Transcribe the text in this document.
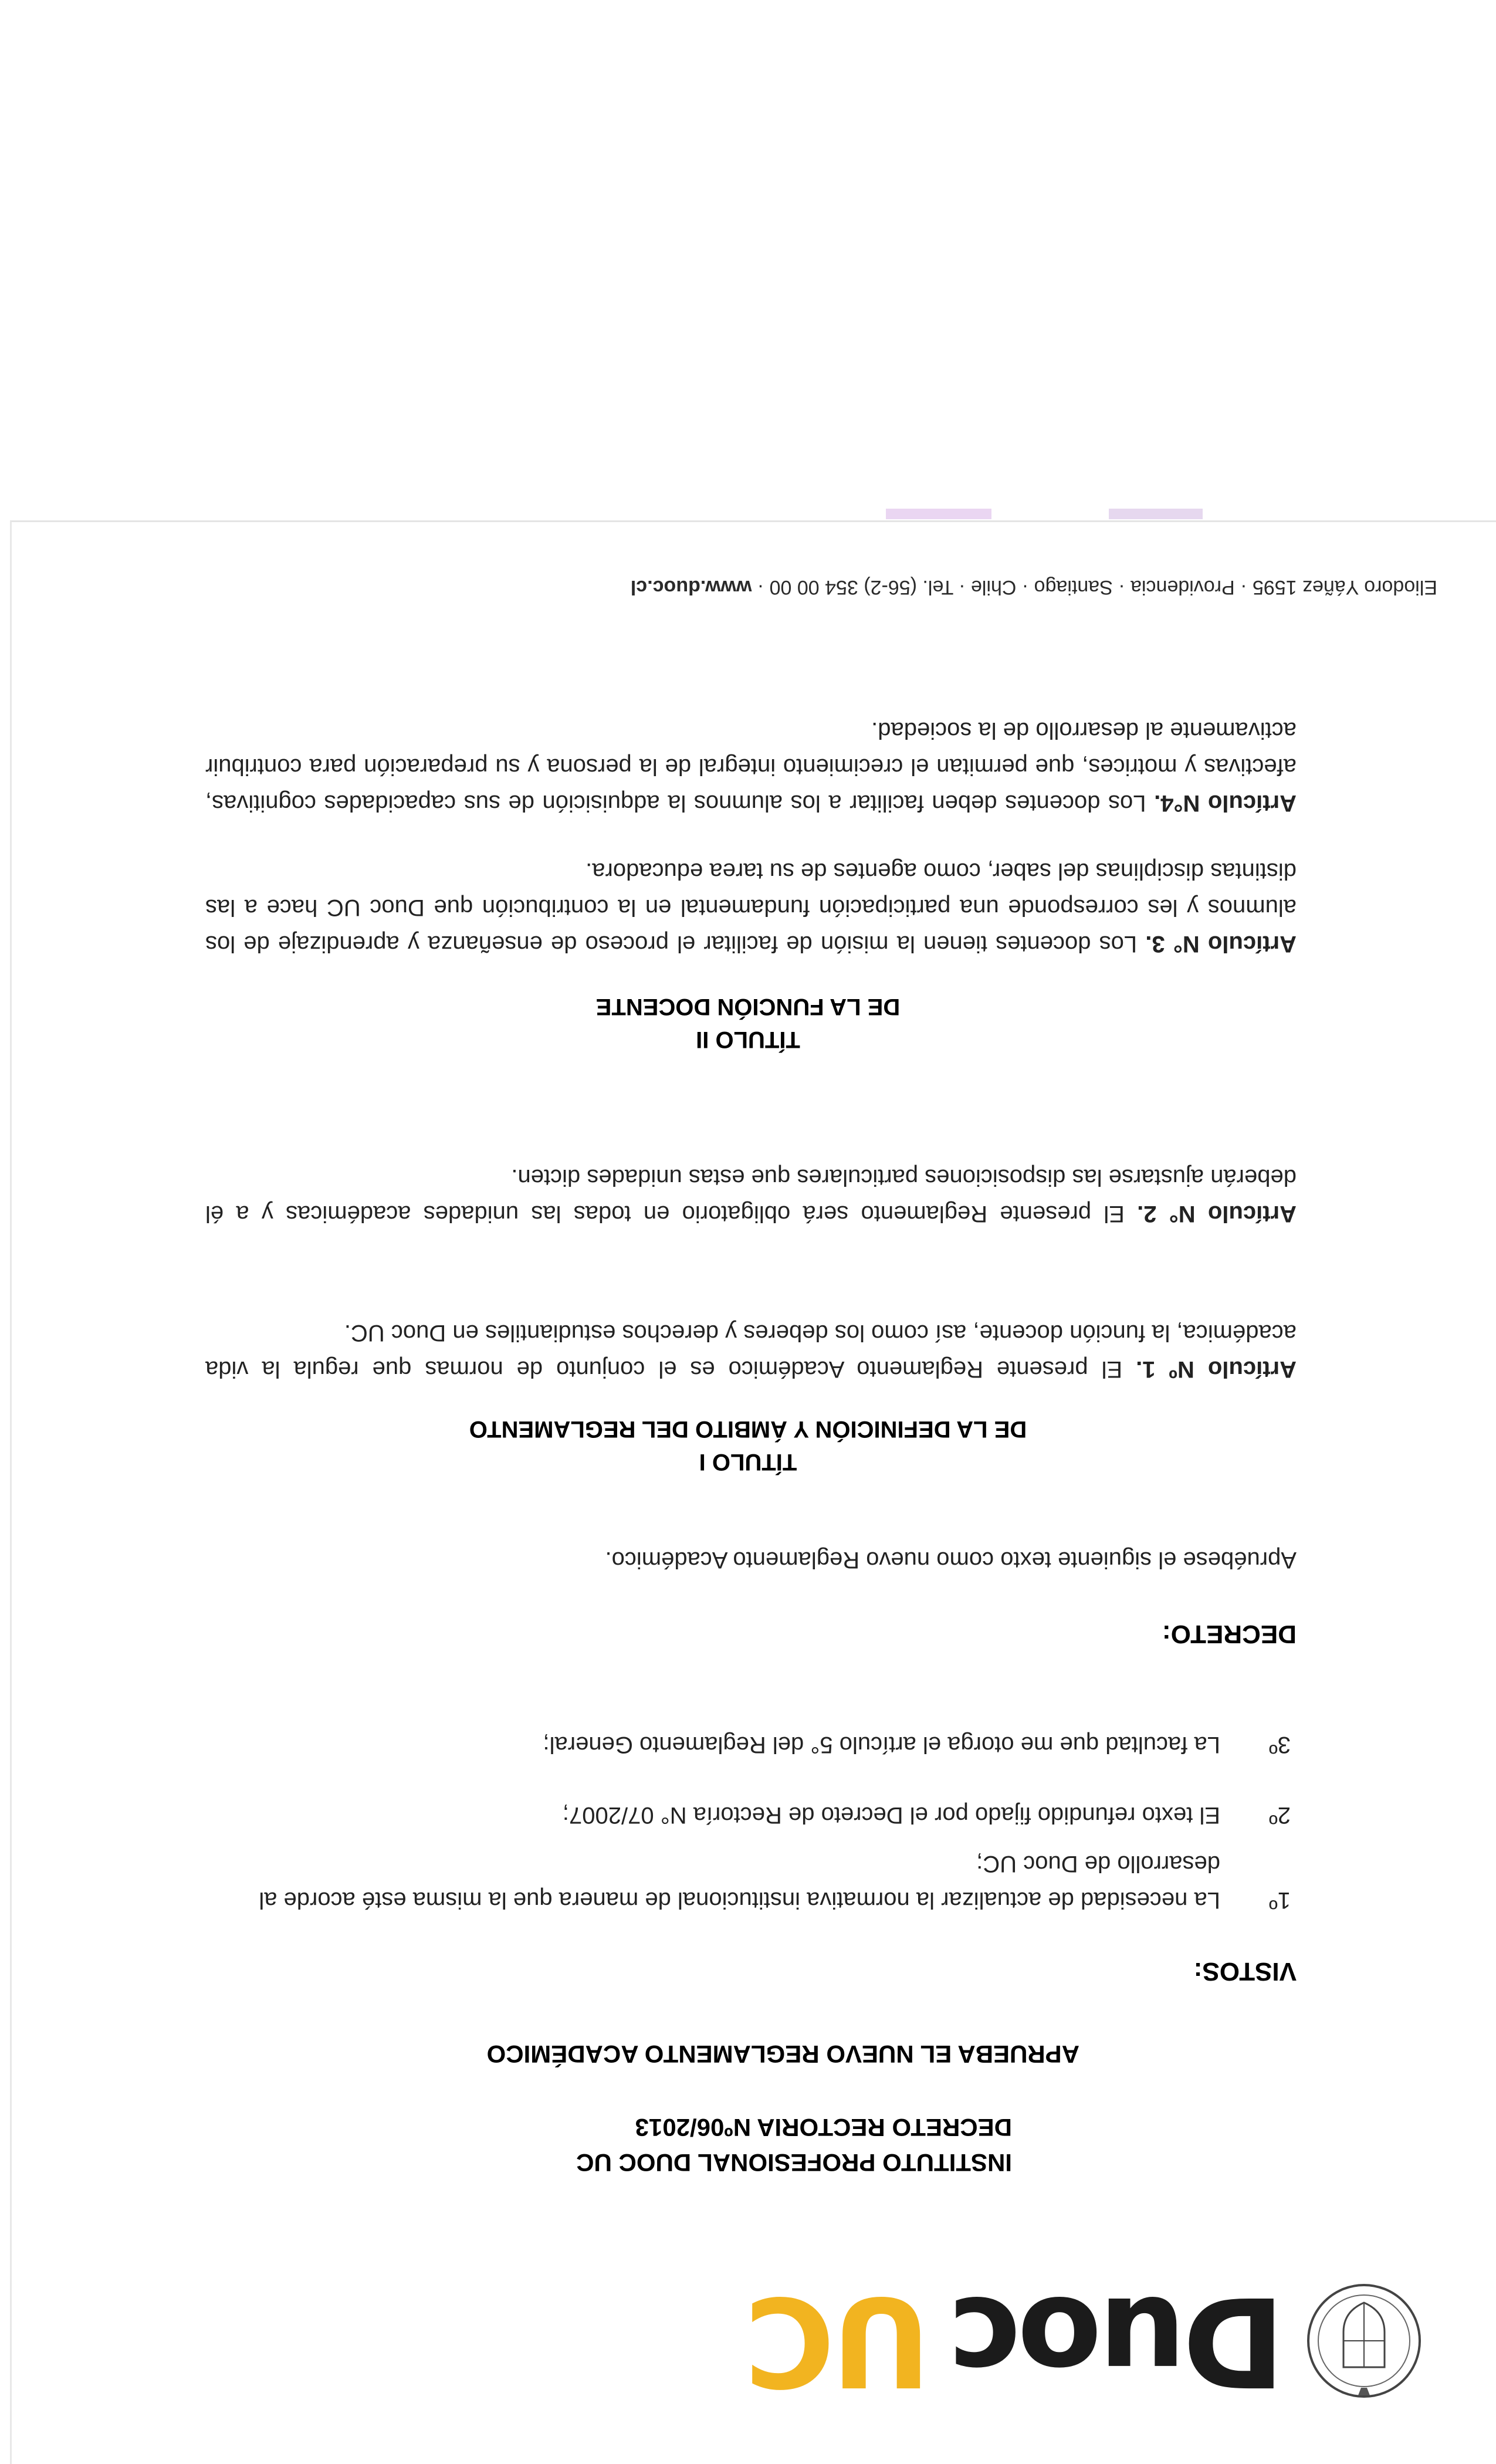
DuocUC
INSTITUTO PROFESIONAL DUOC UC
DECRETO RECTORIA Nº06/2013
APRUEBA EL NUEVO REGLAMENTO ACADÉMICO
VISTOS:
1º
La necesidad de actualizar la normativa institucional de manera que la misma esté acorde al desarrollo de Duoc UC;
2º
El texto refundido fijado por el Decreto de Rectoría N° 07/2007;
3º
La facultad que me otorga el artículo 5° del Reglamento General;
DECRETO:
Apruébese el siguiente texto como nuevo Reglamento Académico.
TÍTULO I
DE LA DEFINICIÓN Y ÁMBITO DEL REGLAMENTO
Artículo Nº 1. El presente Reglamento Académico es el conjunto de normas que regula la vida académica, la función docente, así como los deberes y derechos estudiantiles en Duoc UC.
Artículo N° 2. El presente Reglamento será obligatorio en todas las unidades académicas y a él deberán ajustarse las disposiciones particulares que estas unidades dicten.
TÍTULO II
DE LA FUNCIÓN DOCENTE
Artículo N° 3. Los docentes tienen la misión de facilitar el proceso de enseñanza y aprendizaje de los alumnos y les corresponde una participación fundamental en la contribución que Duoc UC hace a las distintas disciplinas del saber, como agentes de su tarea educadora.
Artículo N°4. Los docentes deben facilitar a los alumnos la adquisición de sus capacidades cognitivas, afectivas y motrices, que permitan el crecimiento integral de la persona y su preparación para contribuir activamente al desarrollo de la sociedad.
Eliodoro Yáñez 1595 · Providencia · Santiago · Chile · Tel. (56-2) 354 00 00 · www.duoc.cl
